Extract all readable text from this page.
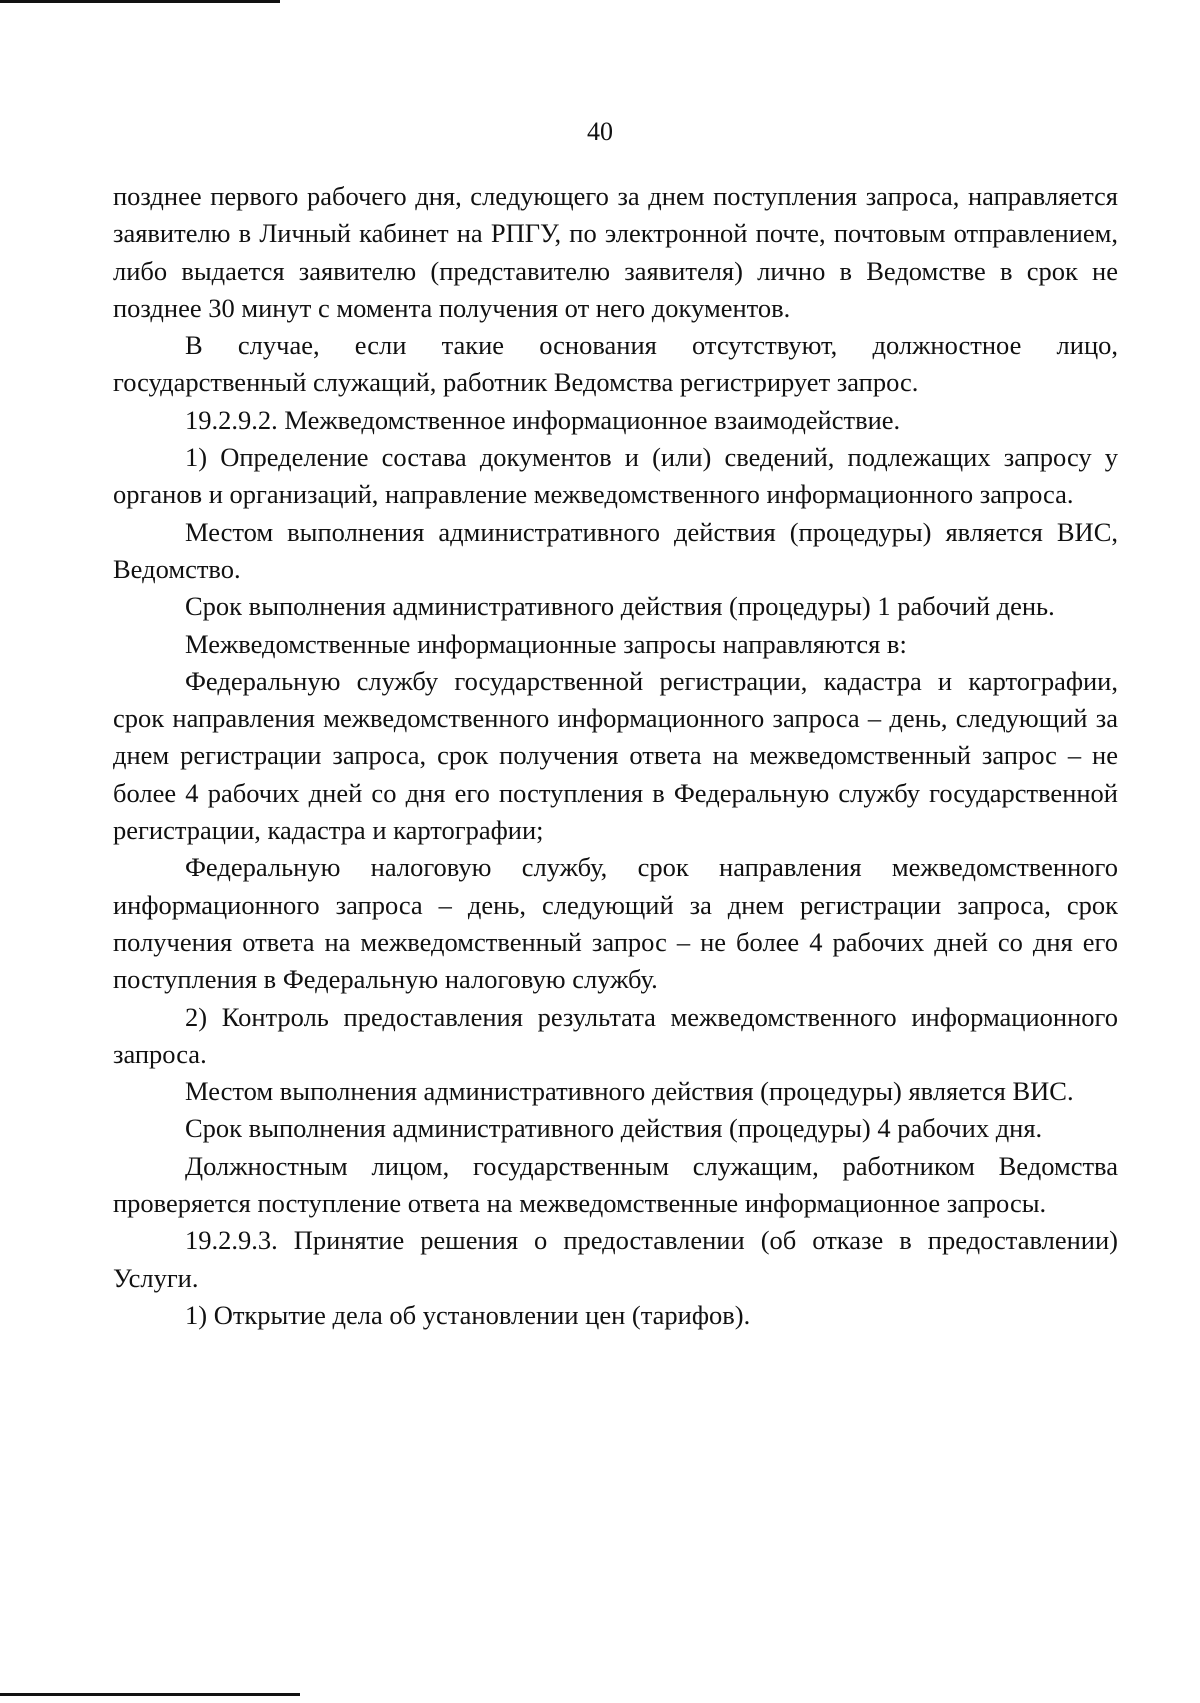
40

позднее первого рабочего дня, следующего за днем поступления запроса, направляется заявителю в Личный кабинет на РПГУ, по электронной почте, почтовым отправлением, либо выдается заявителю (представителю заявителя) лично в Ведомстве в срок не позднее 30 минут с момента получения от него документов.

В случае, если такие основания отсутствуют, должностное лицо, государственный служащий, работник Ведомства регистрирует запрос.

19.2.9.2. Межведомственное информационное взаимодействие.

1) Определение состава документов и (или) сведений, подлежащих запросу у органов и организаций, направление межведомственного информационного запроса.

Местом выполнения административного действия (процедуры) является ВИС, Ведомство.

Срок выполнения административного действия (процедуры) 1 рабочий день.

Межведомственные информационные запросы направляются в:

Федеральную службу государственной регистрации, кадастра и картографии, срок направления межведомственного информационного запроса – день, следующий за днем регистрации запроса, срок получения ответа на межведомственный запрос – не более 4 рабочих дней со дня его поступления в Федеральную службу государственной регистрации, кадастра и картографии;

Федеральную налоговую службу, срок направления межведомственного информационного запроса – день, следующий за днем регистрации запроса, срок получения ответа на межведомственный запрос – не более 4 рабочих дней со дня его поступления в Федеральную налоговую службу.

2) Контроль предоставления результата межведомственного информационного запроса.

Местом выполнения административного действия (процедуры) является ВИС.

Срок выполнения административного действия (процедуры) 4 рабочих дня.

Должностным лицом, государственным служащим, работником Ведомства проверяется поступление ответа на межведомственные информационное запросы.

19.2.9.3. Принятие решения о предоставлении (об отказе в предоставлении) Услуги.

1) Открытие дела об установлении цен (тарифов).
